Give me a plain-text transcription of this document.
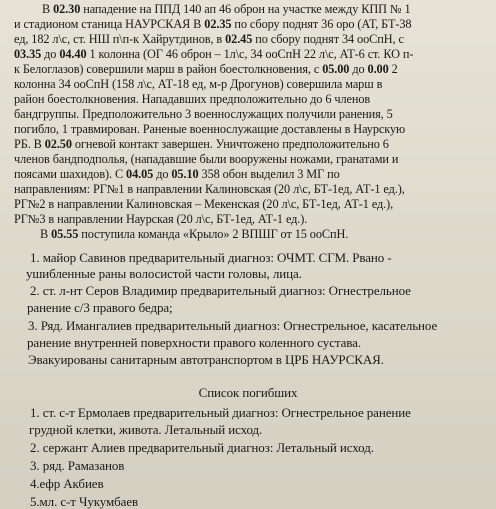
В 02.30 нападение на ППД 140 ап 46 оброн на участке между КПП № 1
и стадионом станица НАУРСКАЯ В 02.35 по сбору поднят 36 оро (АТ, БТ-38
ед, 182 л\с, ст. НШ п\п-к Хайрутдинов, в 02.45 по сбору поднят 34 ооСпН, с
03.35 до 04.40 1 колонна (ОГ 46 оброн – 1л\с, 34 ооСпН 22 л\с, АТ-6 ст. КО п-
к Белоглазов) совершили марш в район боестолкновения, с 05.00 до 0.00 2
колонна 34 ооСпН (158 л\с, АТ-18 ед, м-р Дрогунов) совершила марш в
район боестолкновения. Нападавших предположительно до 6 членов
бандгруппы. Предположительно 3 военнослужащих получили ранения, 5
погибло, 1 травмирован. Раненые военнослужащие доставлены в Наурскую
РБ. В 02.50 огневой контакт завершен. Уничтожено предположительно 6
членов бандподполья, (нападавшие были вооружены ножами, гранатами и
поясами шахидов). С 04.05 до 05.10 358 обон выделил 3 МГ по
направлениям: РГ№1 в направлении Калиновская (20 л\с, БТ-1ед, АТ-1 ед.),
РГ№2 в направлении Калиновская – Мекенская (20 л\с, БТ-1ед, АТ-1 ед.),
РГ№3 в направлении Наурская (20 л\с, БТ-1ед, АТ-1 ед.).
В 05.55 поступила команда «Крыло» 2 ВПШГ от 15 ооСпН.
1. майор Савинов предварительный диагноз: ОЧМТ. СГМ. Рвано -
ушибленные раны волосистой части головы, лица.
2. ст. л-нт Серов Владимир предварительный диагноз: Огнестрельное
ранение с/3 правого бедра;
3. Ряд. Имангалиев предварительный диагноз: Огнестрельное, касательное
ранение внутренней поверхности правого коленного сустава.
Эвакуированы санитарным автотранспортом в ЦРБ НАУРСКАЯ.
Список погибших
1. ст. с-т Ермолаев предварительный диагноз: Огнестрельное ранение
грудной клетки, живота. Летальный исход.
2. сержант Алиев предварительный диагноз: Летальный исход.
3. ряд. Рамазанов
4.ефр Акбиев
5.мл. с-т Чукумбаев
